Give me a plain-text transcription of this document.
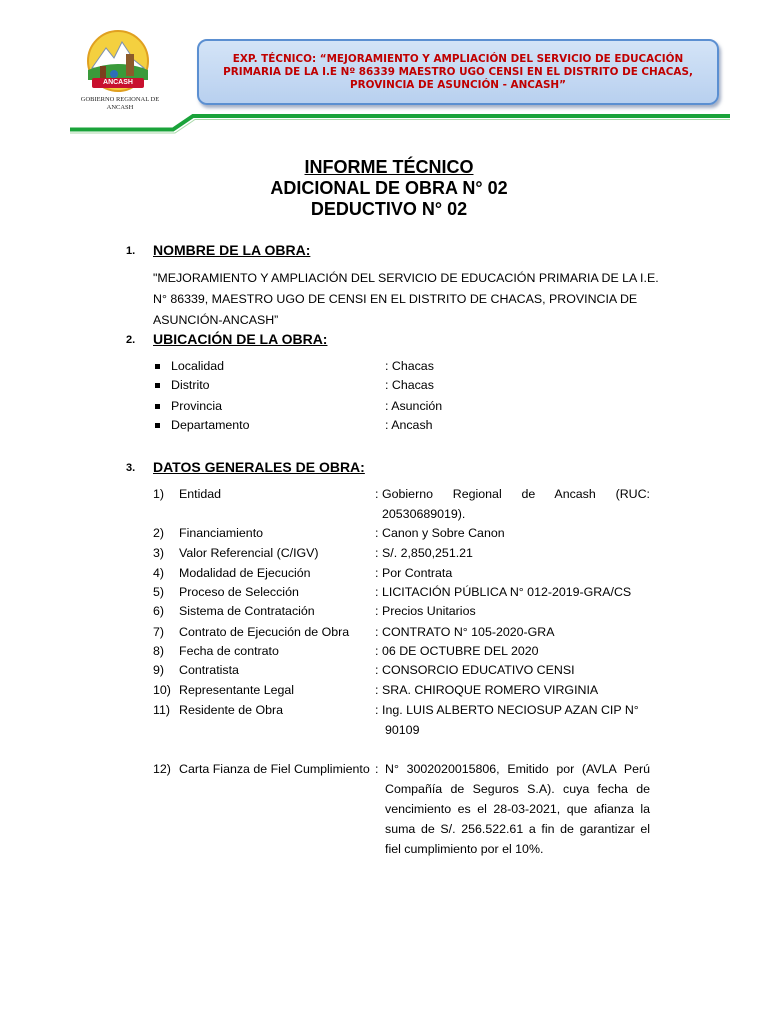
ANCASH
GOBIERNO REGIONAL DE ANCASH
EXP. TÉCNICO: “MEJORAMIENTO Y AMPLIACIÓN DEL SERVICIO DE EDUCACIÓN PRIMARIA DE LA I.E Nº 86339 MAESTRO UGO CENSI EN EL DISTRITO DE CHACAS, PROVINCIA DE ASUNCIÓN - ANCASH”
INFORME TÉCNICO
ADICIONAL DE OBRA N° 02
DEDUCTIVO N° 02
1. NOMBRE DE LA OBRA:
"MEJORAMIENTO Y AMPLIACIÓN DEL SERVICIO DE EDUCACIÓN PRIMARIA DE LA I.E. N° 86339, MAESTRO UGO DE CENSI EN EL DISTRITO DE CHACAS, PROVINCIA DE ASUNCIÓN-ANCASH”
2. UBICACIÓN DE LA OBRA:
Localidad	: Chacas
Distrito	: Chacas
Provincia	: Asunción
Departamento	: Ancash
3. DATOS GENERALES DE OBRA:
1) Entidad	: Gobierno Regional de Ancash (RUC: 20530689019).
2) Financiamiento	: Canon y Sobre Canon
3) Valor Referencial (C/IGV)	: S/. 2,850,251.21
4) Modalidad de Ejecución	: Por Contrata
5) Proceso de Selección	: LICITACIÓN PÚBLICA N° 012-2019-GRA/CS
6) Sistema de Contratación	: Precios Unitarios
7) Contrato de Ejecución de Obra : CONTRATO N° 105-2020-GRA
8) Fecha de contrato	: 06 DE OCTUBRE DEL 2020
9) Contratista	: CONSORCIO EDUCATIVO CENSI
10) Representante Legal	: SRA. CHIROQUE ROMERO VIRGINIA
11) Residente de Obra	: Ing. LUIS ALBERTO NECIOSUP AZAN CIP N°
90109
12) Carta Fianza de Fiel Cumplimiento : N° 3002020015806, Emitido por (AVLA Perú Compañía de Seguros S.A). cuya fecha de vencimiento es el 28-03-2021, que afianza la suma de S/. 256.522.61 a fin de garantizar el fiel cumplimiento por el 10%.
